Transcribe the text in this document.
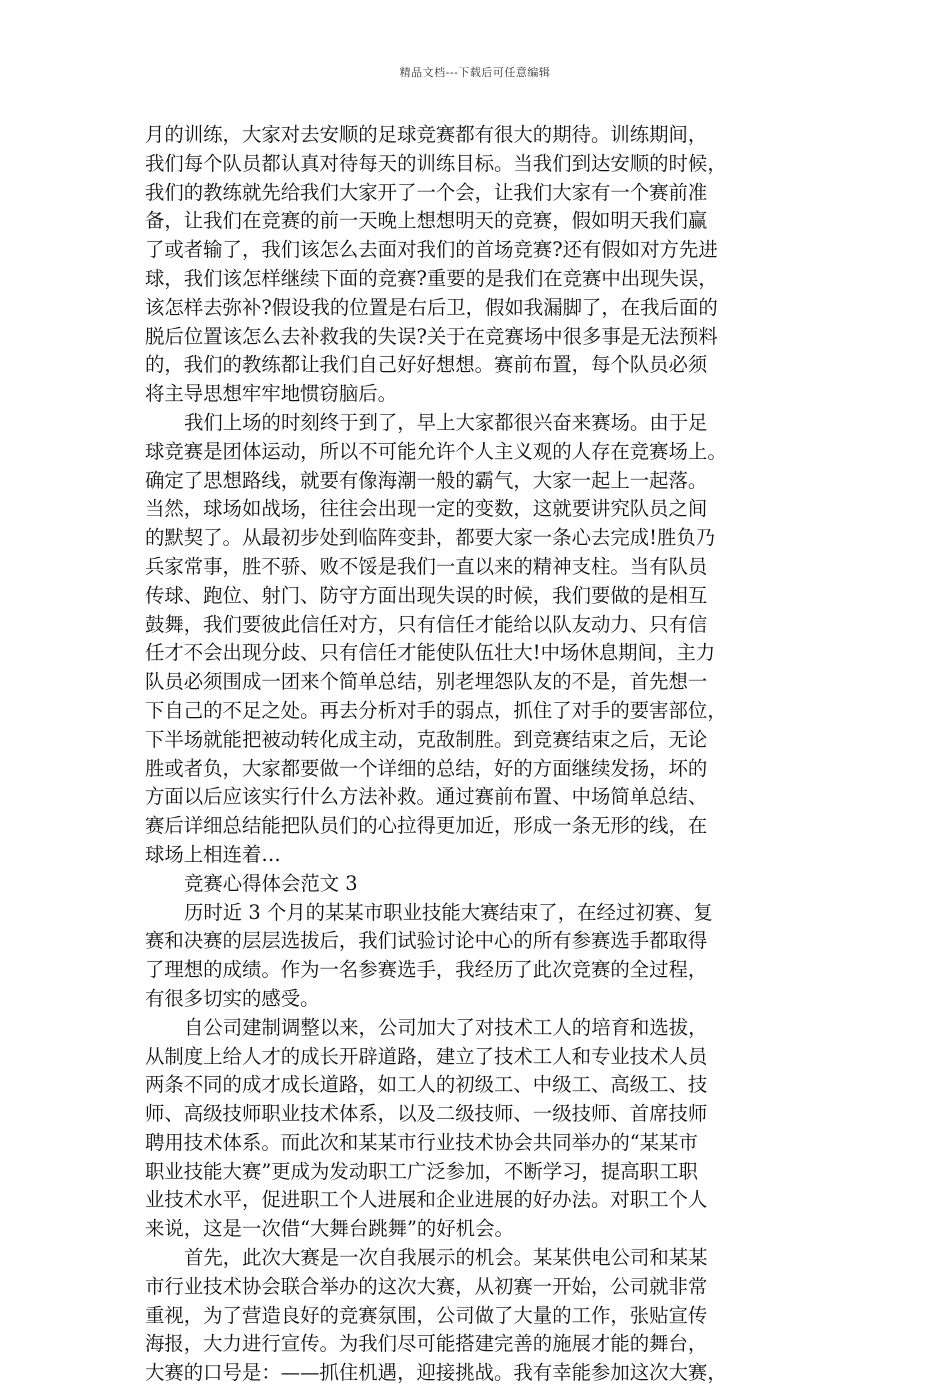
精品文档---下载后可任意编辑
月的训练，大家对去安顺的足球竞赛都有很大的期待。训练期间，
我们每个队员都认真对待每天的训练目标。当我们到达安顺的时候，
我们的教练就先给我们大家开了一个会，让我们大家有一个赛前准
备，让我们在竞赛的前一天晚上想想明天的竞赛，假如明天我们赢
了或者输了，我们该怎么去面对我们的首场竞赛?还有假如对方先进
球，我们该怎样继续下面的竞赛?重要的是我们在竞赛中出现失误，
该怎样去弥补?假设我的位置是右后卫，假如我漏脚了，在我后面的
脱后位置该怎么去补救我的失误?关于在竞赛场中很多事是无法预料
的，我们的教练都让我们自己好好想想。赛前布置，每个队员必须
将主导思想牢牢地惯窃脑后。
我们上场的时刻终于到了，早上大家都很兴奋来赛场。由于足
球竞赛是团体运动，所以不可能允许个人主义观的人存在竞赛场上。
确定了思想路线，就要有像海潮一般的霸气，大家一起上一起落。
当然，球场如战场，往往会出现一定的变数，这就要讲究队员之间
的默契了。从最初步处到临阵变卦，都要大家一条心去完成!胜负乃
兵家常事，胜不骄、败不馁是我们一直以来的精神支柱。当有队员
传球、跑位、射门、防守方面出现失误的时候，我们要做的是相互
鼓舞，我们要彼此信任对方，只有信任才能给以队友动力、只有信
任才不会出现分歧、只有信任才能使队伍壮大!中场休息期间，主力
队员必须围成一团来个简单总结，别老埋怨队友的不是，首先想一
下自己的不足之处。再去分析对手的弱点，抓住了对手的要害部位，
下半场就能把被动转化成主动，克敌制胜。到竞赛结束之后，无论
胜或者负，大家都要做一个详细的总结，好的方面继续发扬，坏的
方面以后应该实行什么方法补救。通过赛前布置、中场简单总结、
赛后详细总结能把队员们的心拉得更加近，形成一条无形的线，在
球场上相连着…
竞赛心得体会范文 3
历时近 3 个月的某某市职业技能大赛结束了，在经过初赛、复
赛和决赛的层层选拔后，我们试验讨论中心的所有参赛选手都取得
了理想的成绩。作为一名参赛选手，我经历了此次竞赛的全过程，
有很多切实的感受。
自公司建制调整以来，公司加大了对技术工人的培育和选拔，
从制度上给人才的成长开辟道路，建立了技术工人和专业技术人员
两条不同的成才成长道路，如工人的初级工、中级工、高级工、技
师、高级技师职业技术体系，以及二级技师、一级技师、首席技师
聘用技术体系。而此次和某某市行业技术协会共同举办的“某某市
职业技能大赛”更成为发动职工广泛参加，不断学习，提高职工职
业技术水平，促进职工个人进展和企业进展的好办法。对职工个人
来说，这是一次借“大舞台跳舞”的好机会。
首先，此次大赛是一次自我展示的机会。某某供电公司和某某
市行业技术协会联合举办的这次大赛，从初赛一开始，公司就非常
重视，为了营造良好的竞赛氛围，公司做了大量的工作，张贴宣传
海报，大力进行宣传。为我们尽可能搭建完善的施展才能的舞台，
大赛的口号是：——抓住机遇，迎接挑战。我有幸能参加这次大赛，
